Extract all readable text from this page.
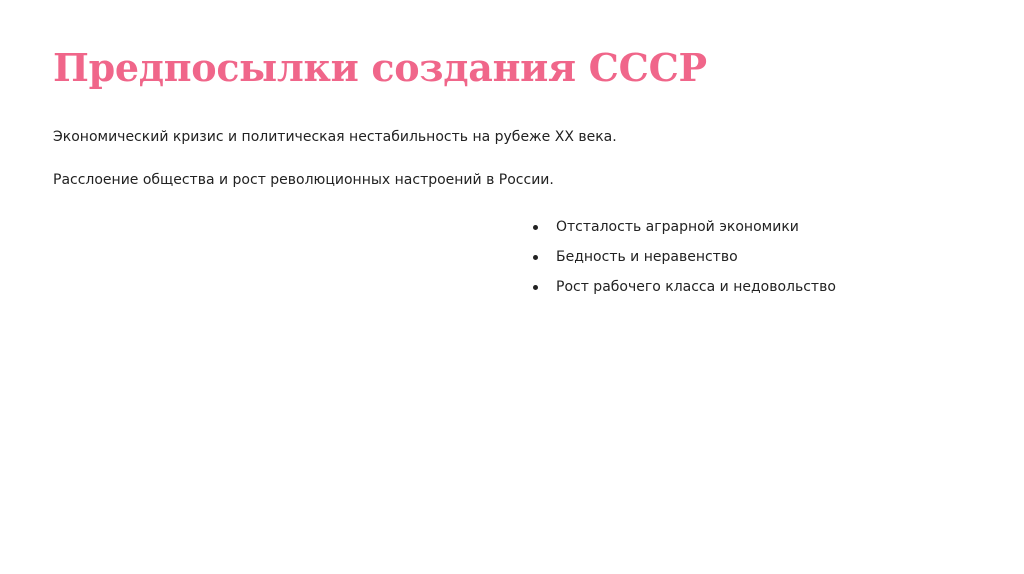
Предпосылки создания СССР

Экономический кризис и политическая нестабильность на рубеже XX века.

Расслоение общества и рост революционных настроений в России.

Отсталость аграрной экономики
Бедность и неравенство
Рост рабочего класса и недовольство
